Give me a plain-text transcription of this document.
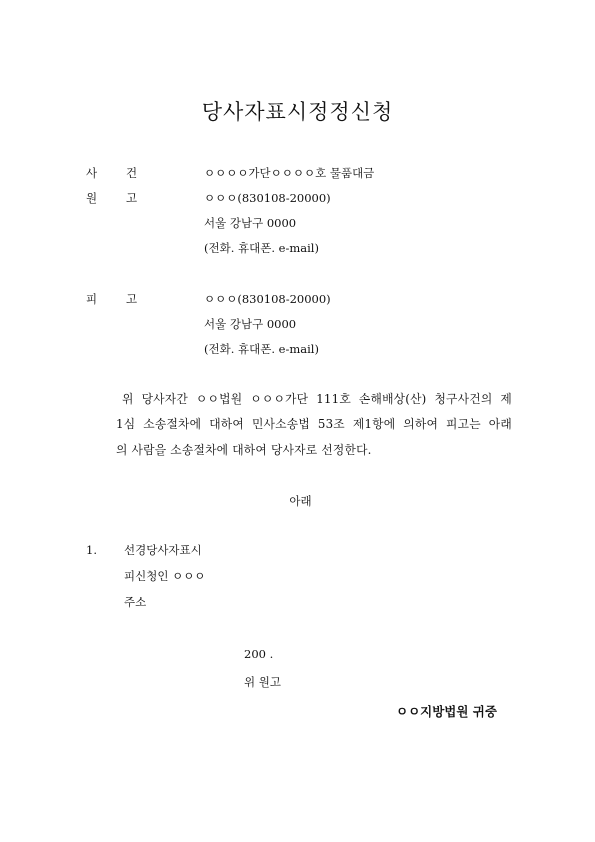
당사자표시정정신청
사	건	ㅇㅇㅇㅇ가단ㅇㅇㅇㅇ호 물품대금
원	고	ㅇㅇㅇ(830108-20000)
서울 강남구 0000
(전화. 휴대폰. e-mail)
피	고	ㅇㅇㅇ(830108-20000)
서울 강남구 0000
(전화. 휴대폰. e-mail)
위 당사자간 ㅇㅇ법원 ㅇㅇㅇ가단 111호 손해배상(산) 청구사건의 제
1심 소송절차에 대하여 민사소송법 53조 제1항에 의하여 피고는 아래
의 사람을 소송절차에 대하여 당사자로 선정한다.
아래
1. 선경당사자표시
피신청인 ㅇㅇㅇ
주소
200 .
위 원고
ㅇㅇ지방법원 귀중
